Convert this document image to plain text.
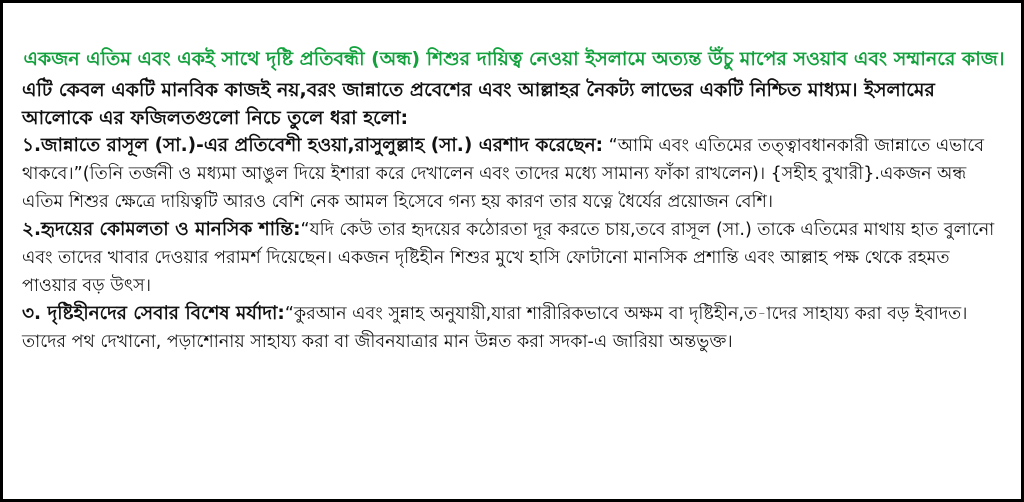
একজন এতিম এবং একই সাথে দৃষ্টি প্রতিবন্ধী (অন্ধ) শিশুর দায়িত্ব নেওয়া ইসলামে অত্যন্ত উঁচু মাপের সওয়াব এবং সম্মানরে কাজ।

এটি কেবল একটি মানবিক কাজই নয়,বরং জান্নাতে প্রবেশের এবং আল্লাহর নৈকট্য লাভের একটি নিশ্চিত মাধ্যম। ইসলামের আলোকে এর ফজিলতগুলো নিচে তুলে ধরা হলো:

১.জান্নাতে রাসূল (সা.)-এর প্রতিবেশী হওয়া,রাসুলুল্লাহ (সা.) এরশাদ করেছেন: “আমি এবং এতিমের তত্ত্বাবধানকারী জান্নাতে এভাবে থাকবে।”(তিনি তর্জনী ও মধ্যমা আঙুল দিয়ে ইশারা করে দেখালেন এবং তাদের মধ্যে সামান্য ফাঁকা রাখলেন)। {সহীহ বুখারী}.একজন অন্ধ এতিম শিশুর ক্ষেত্রে দায়িত্বটি আরও বেশি নেক আমল হিসেবে গন্য হয় কারণ তার যত্নে ধৈর্যের প্রয়োজন বেশি।

২.হৃদয়ের কোমলতা ও মানসিক শান্তি:“যদি কেউ তার হৃদয়ের কঠোরতা দূর করতে চায়,তবে রাসূল (সা.) তাকে এতিমের মাথায় হাত বুলানো এবং তাদের খাবার দেওয়ার পরামর্শ দিয়েছেন। একজন দৃষ্টিহীন শিশুর মুখে হাসি ফোটানো মানসিক প্রশান্তি এবং আল্লাহ পক্ষ থেকে রহমত পাওয়ার বড় উৎস।

৩. দৃষ্টিহীনদের সেবার বিশেষ মর্যাদা:“কুরআন এবং সুন্নাহ অনুযায়ী,যারা শারীরিকভাবে অক্ষম বা দৃষ্টিহীন,ত-াদের সাহায্য করা বড় ইবাদত। তাদের পথ দেখানো, পড়াশোনায় সাহায্য করা বা জীবনযাত্রার মান উন্নত করা সদকা-এ জারিয়া অন্তভুক্ত।
